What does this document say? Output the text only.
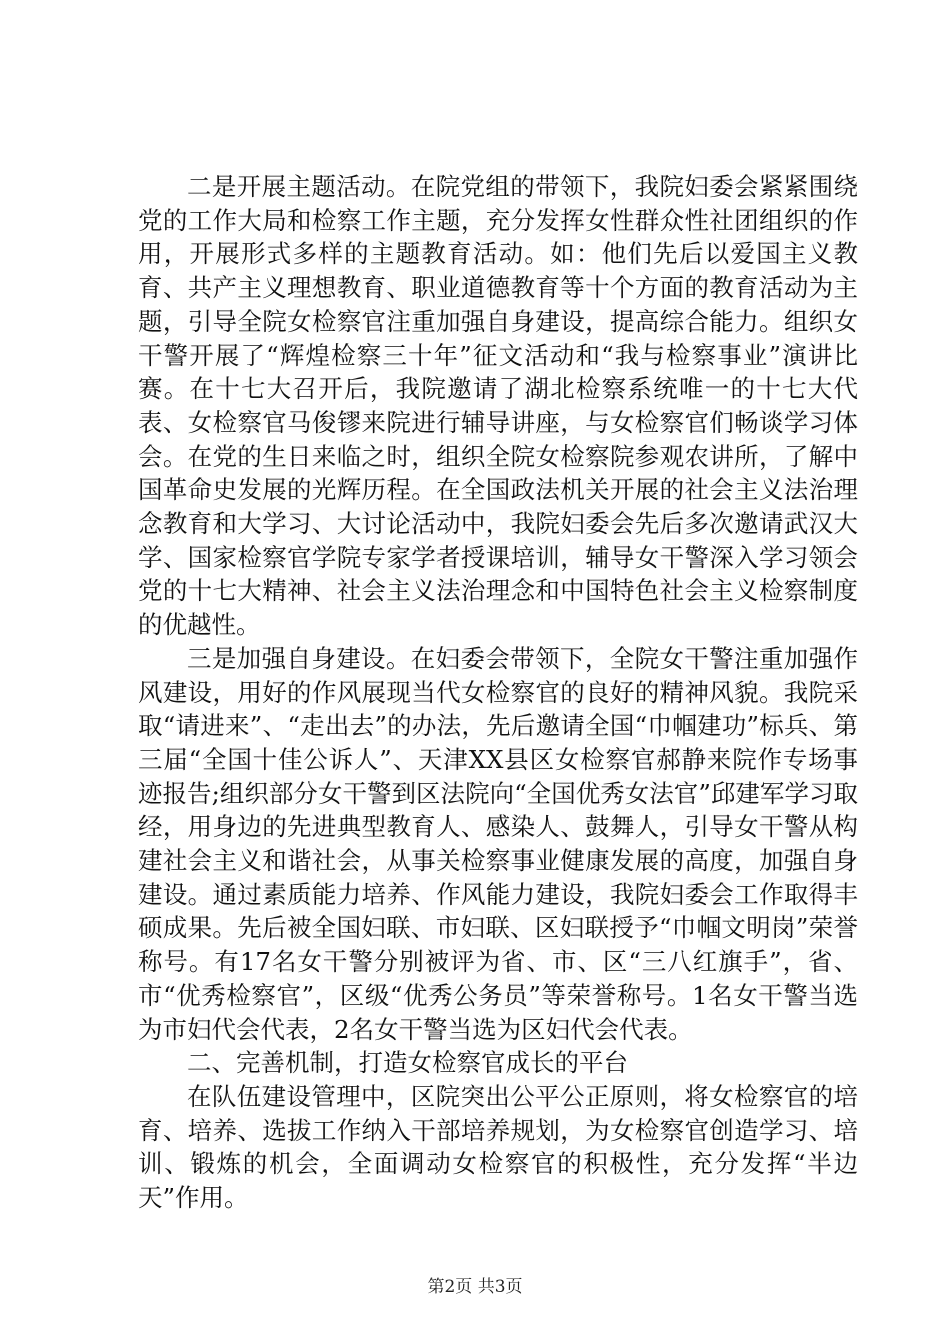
二是开展主题活动。在院党组的带领下，我院妇委会紧紧围绕党的工作大局和检察工作主题，充分发挥女性群众性社团组织的作用，开展形式多样的主题教育活动。如：他们先后以爱国主义教育、共产主义理想教育、职业道德教育等十个方面的教育活动为主题，引导全院女检察官注重加强自身建设，提高综合能力。组织女干警开展了“辉煌检察三十年”征文活动和“我与检察事业”演讲比赛。在十七大召开后，我院邀请了湖北检察系统唯一的十七大代表、女检察官马俊镠来院进行辅导讲座，与女检察官们畅谈学习体会。在党的生日来临之时，组织全院女检察院参观农讲所，了解中国革命史发展的光辉历程。在全国政法机关开展的社会主义法治理念教育和大学习、大讨论活动中，我院妇委会先后多次邀请武汉大学、国家检察官学院专家学者授课培训，辅导女干警深入学习领会党的十七大精神、社会主义法治理念和中国特色社会主义检察制度的优越性。

三是加强自身建设。在妇委会带领下，全院女干警注重加强作风建设，用好的作风展现当代女检察官的良好的精神风貌。我院采取“请进来”、“走出去”的办法，先后邀请全国“巾帼建功”标兵、第三届“全国十佳公诉人”、天津XX县区女检察官郝静来院作专场事迹报告;组织部分女干警到区法院向“全国优秀女法官”邱建军学习取经，用身边的先进典型教育人、感染人、鼓舞人，引导女干警从构建社会主义和谐社会，从事关检察事业健康发展的高度，加强自身建设。通过素质能力培养、作风能力建设，我院妇委会工作取得丰硕成果。先后被全国妇联、市妇联、区妇联授予“巾帼文明岗”荣誉称号。有17名女干警分别被评为省、市、区“三八红旗手”，省、市“优秀检察官”，区级“优秀公务员”等荣誉称号。1名女干警当选为市妇代会代表，2名女干警当选为区妇代会代表。

二、完善机制，打造女检察官成长的平台

在队伍建设管理中，区院突出公平公正原则，将女检察官的培育、培养、选拔工作纳入干部培养规划，为女检察官创造学习、培训、锻炼的机会，全面调动女检察官的积极性，充分发挥“半边天”作用。

第2页 共3页
